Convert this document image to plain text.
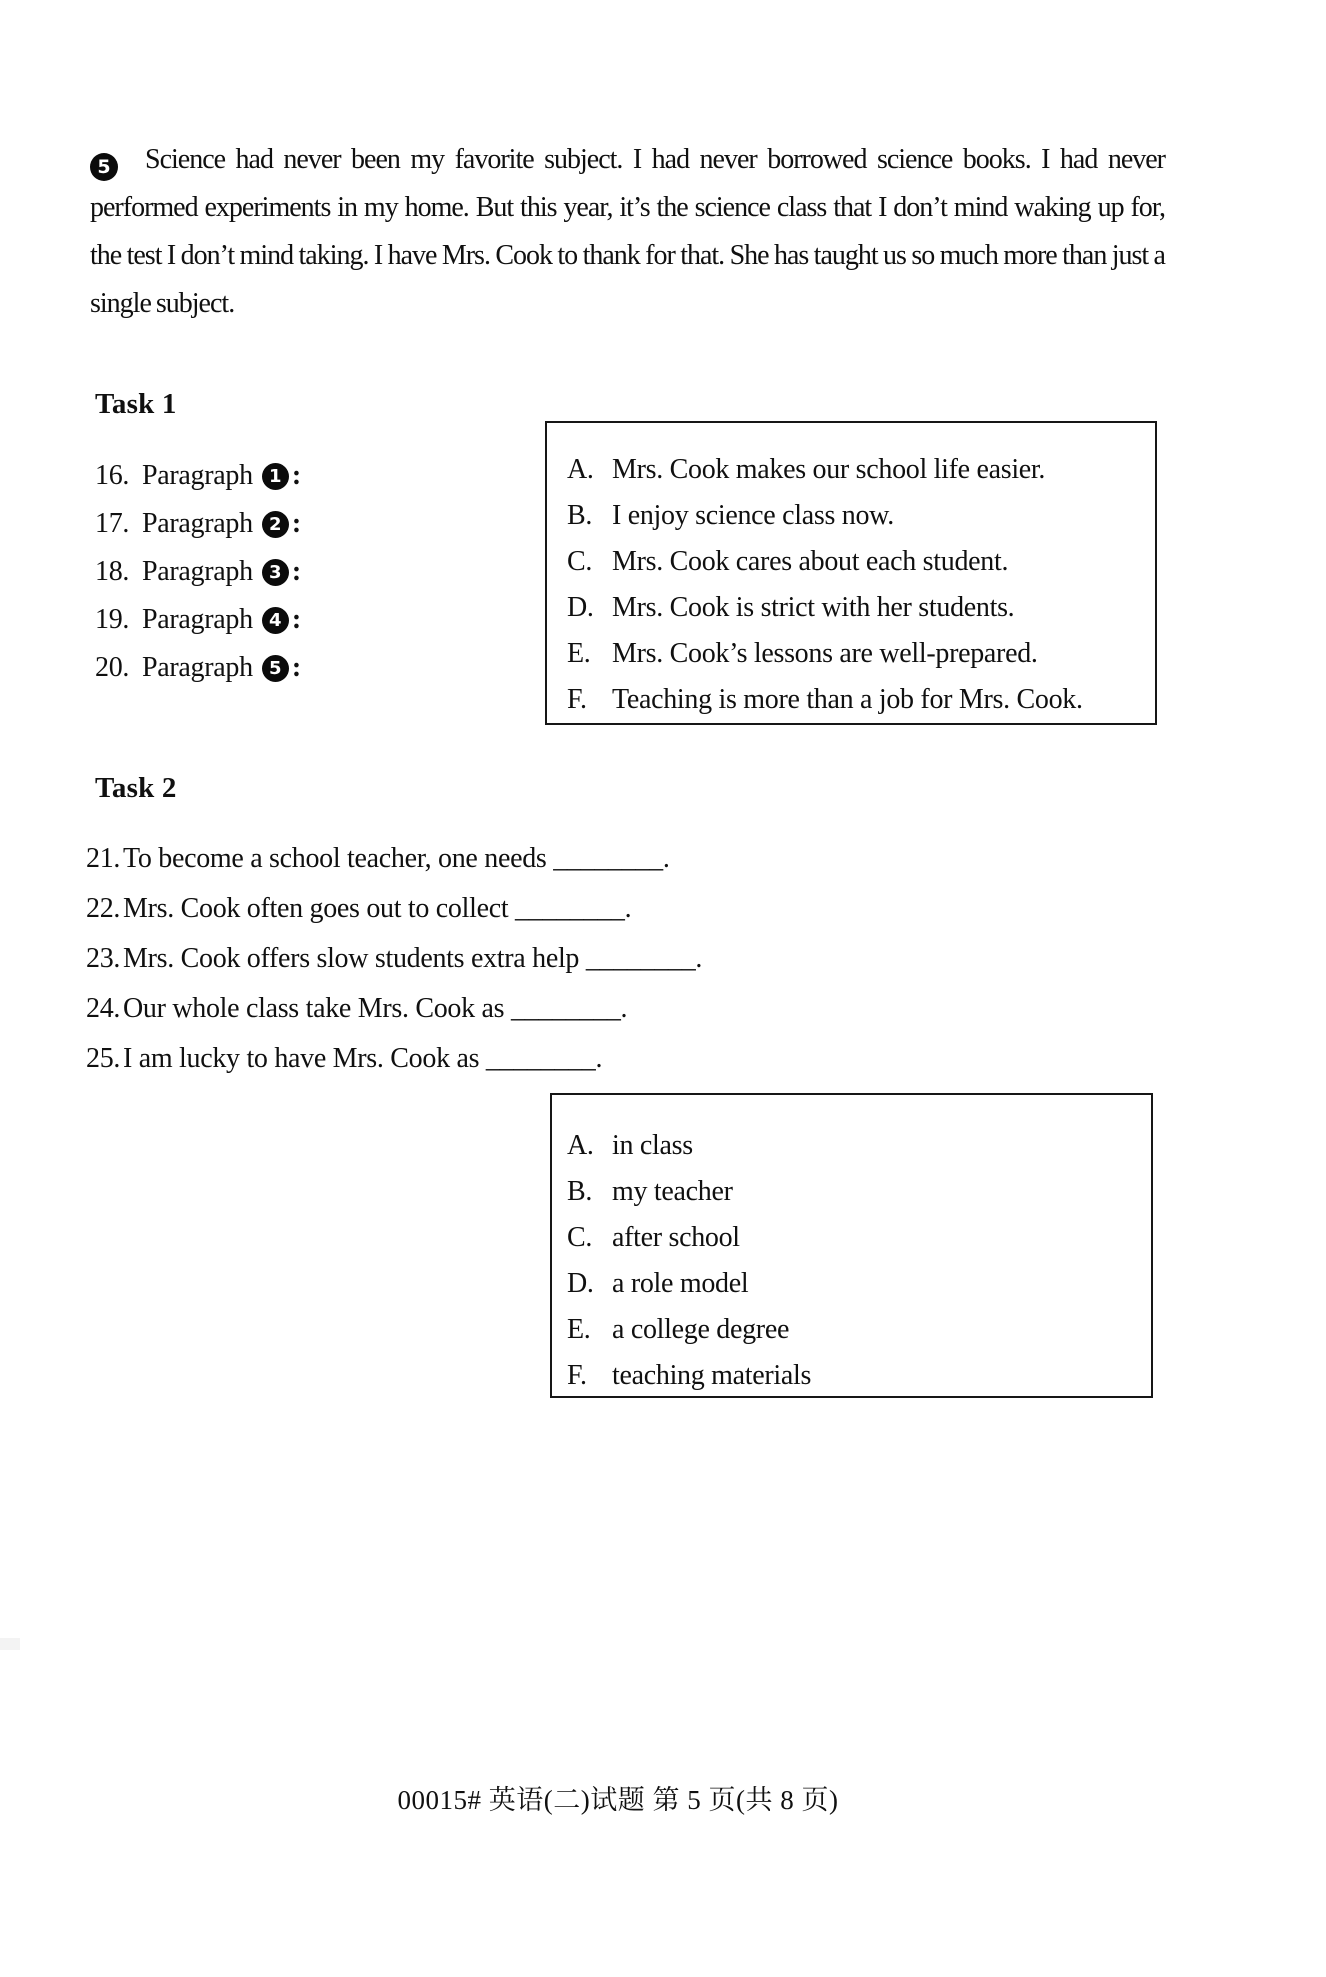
5 Science had never been my favorite subject. I had never borrowed science books. I had never performed experiments in my home. But this year, it’s the science class that I don’t mind waking up for, the test I don’t mind taking. I have Mrs. Cook to thank for that. She has taught us so much more than just a single subject.
Task 1
16. Paragraph 1 :
17. Paragraph 2 :
18. Paragraph 3 :
19. Paragraph 4 :
20. Paragraph 5 :
A. Mrs. Cook makes our school life easier.
B. I enjoy science class now.
C. Mrs. Cook cares about each student.
D. Mrs. Cook is strict with her students.
E. Mrs. Cook’s lessons are well-prepared.
F. Teaching is more than a job for Mrs. Cook.
Task 2
21. To become a school teacher, one needs ________.
22. Mrs. Cook often goes out to collect ________.
23. Mrs. Cook offers slow students extra help ________.
24. Our whole class take Mrs. Cook as ________.
25. I am lucky to have Mrs. Cook as ________.
A. in class
B. my teacher
C. after school
D. a role model
E. a college degree
F. teaching materials
00015# 英语(二)试题 第 5 页(共 8 页)
